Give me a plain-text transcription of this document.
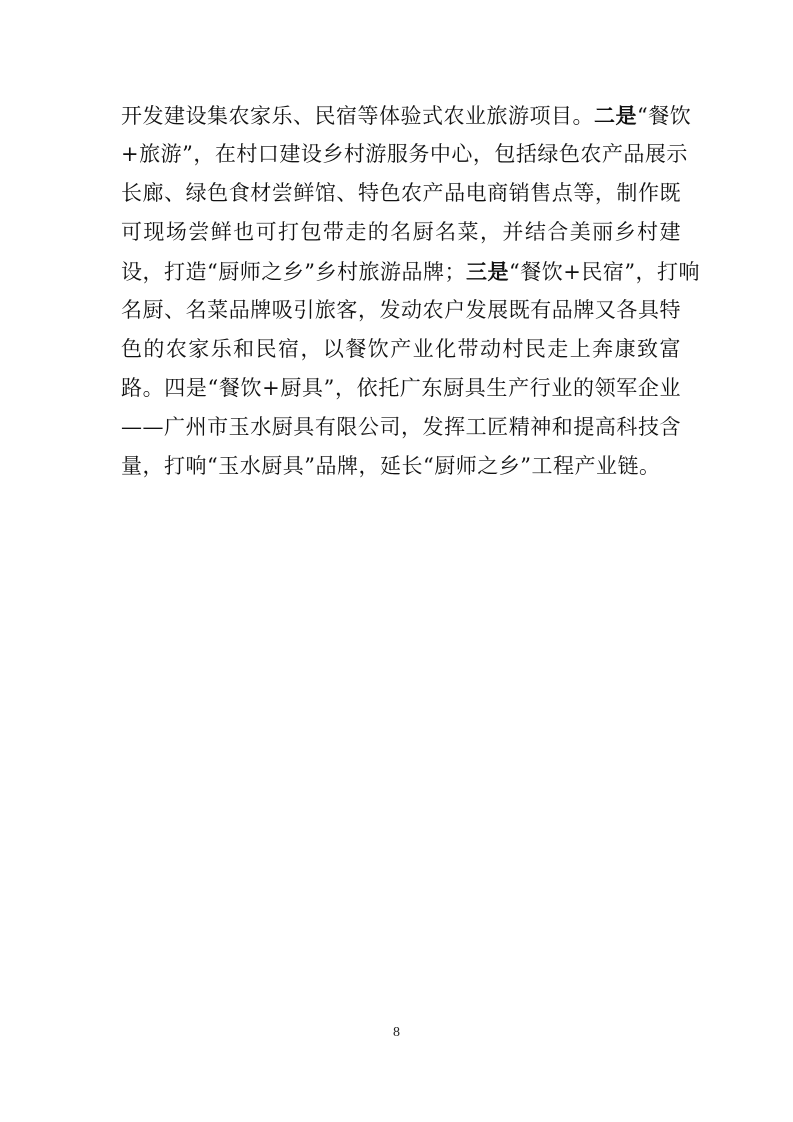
开发建设集农家乐、民宿等体验式农业旅游项目。二是“餐饮
+旅游”，在村口建设乡村游服务中心，包括绿色农产品展示
长廊、绿色食材尝鲜馆、特色农产品电商销售点等，制作既
可现场尝鲜也可打包带走的名厨名菜，并结合美丽乡村建
设，打造“厨师之乡”乡村旅游品牌；三是“餐饮+民宿”，打响
名厨、名菜品牌吸引旅客，发动农户发展既有品牌又各具特
色的农家乐和民宿，以餐饮产业化带动村民走上奔康致富
路。四是“餐饮+厨具”，依托广东厨具生产行业的领军企业
——广州市玉水厨具有限公司，发挥工匠精神和提高科技含
量，打响“玉水厨具”品牌，延长“厨师之乡”工程产业链。
8
